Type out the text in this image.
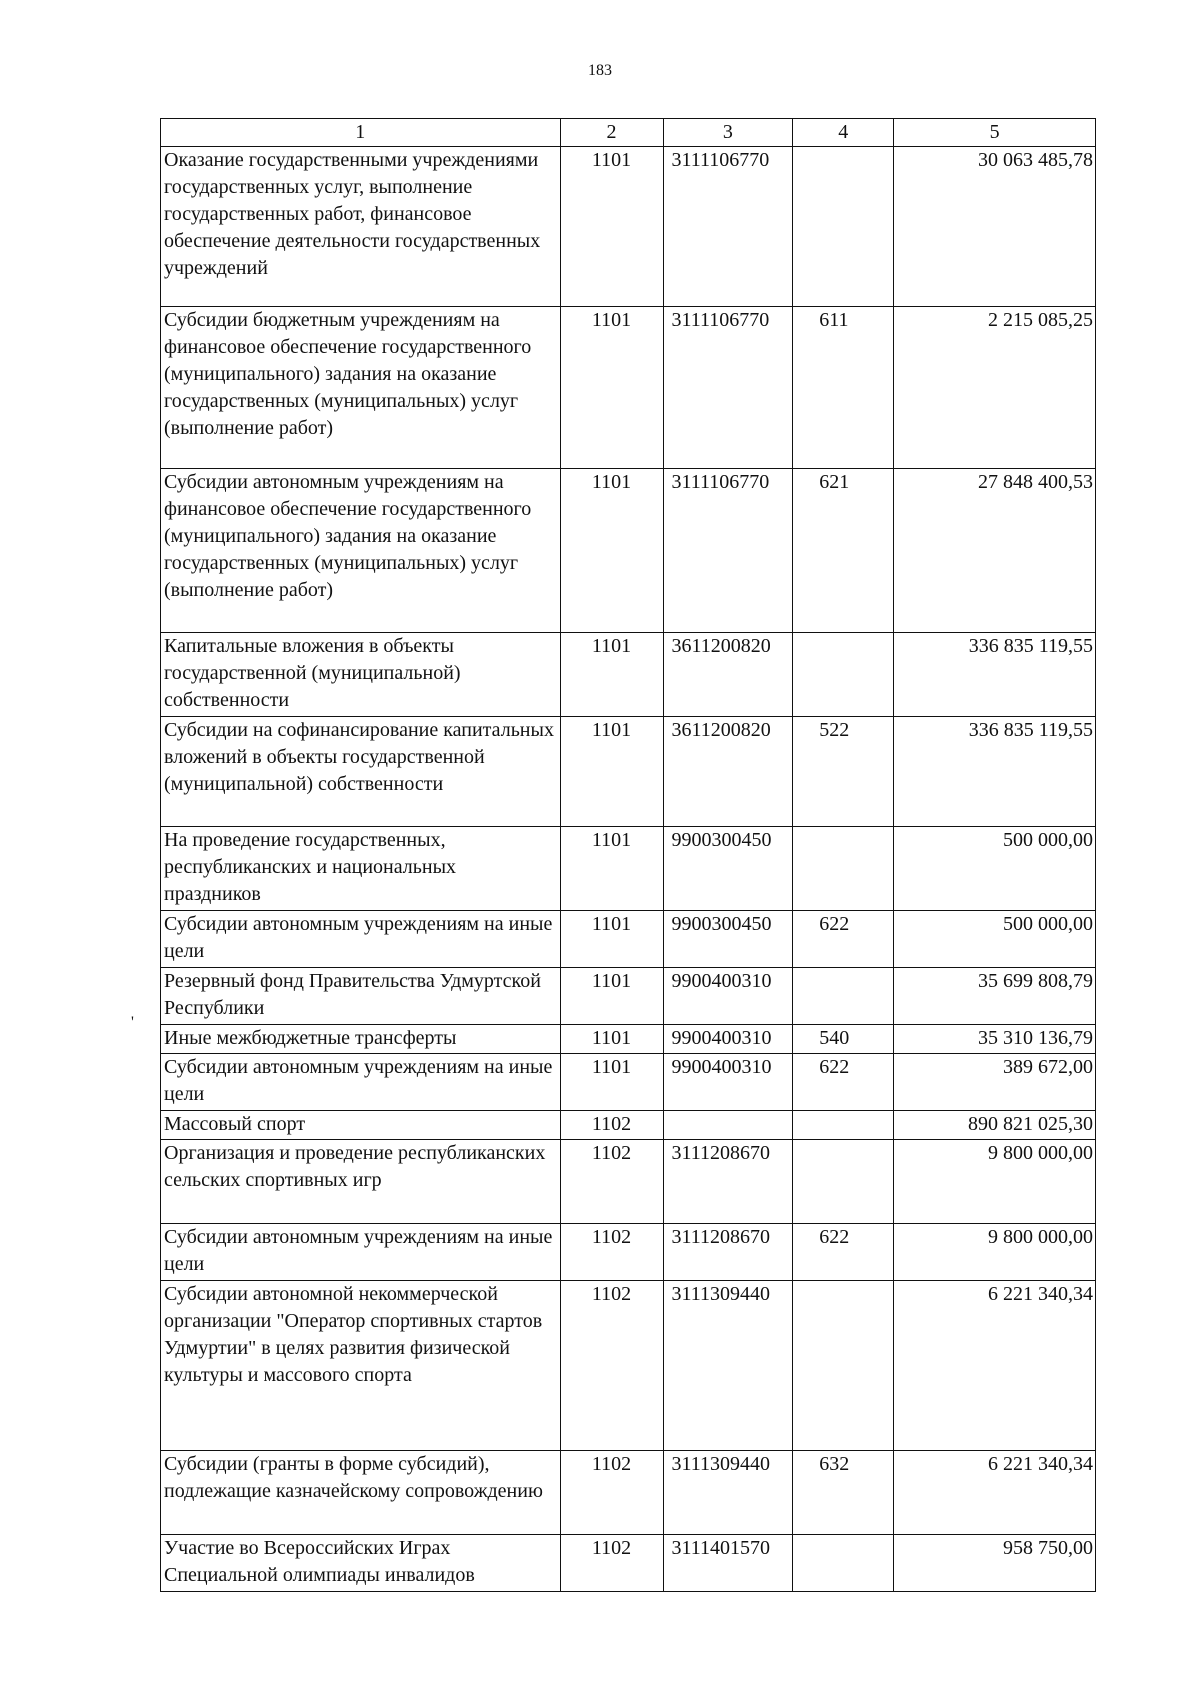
183
'
1	2	3	4	5
Оказание государственными учреждениями государственных услуг, выполнение государственных работ, финансовое обеспечение деятельности государственных учреждений	1101	3111106770		30 063 485,78
Субсидии бюджетным учреждениям на финансовое обеспечение государственного (муниципального) задания на оказание государственных (муниципальных) услуг (выполнение работ)	1101	3111106770	611	2 215 085,25
Субсидии автономным учреждениям на финансовое обеспечение государственного (муниципального) задания на оказание государственных (муниципальных) услуг (выполнение работ)	1101	3111106770	621	27 848 400,53
Капитальные вложения в объекты государственной (муниципальной) собственности	1101	3611200820		336 835 119,55
Субсидии на софинансирование капитальных вложений в объекты государственной (муниципальной) собственности	1101	3611200820	522	336 835 119,55
На проведение государственных, республиканских и национальных праздников	1101	9900300450		500 000,00
Субсидии автономным учреждениям на иные цели	1101	9900300450	622	500 000,00
Резервный фонд Правительства Удмуртской Республики	1101	9900400310		35 699 808,79
Иные межбюджетные трансферты	1101	9900400310	540	35 310 136,79
Субсидии автономным учреждениям на иные цели	1101	9900400310	622	389 672,00
Массовый спорт	1102			890 821 025,30
Организация и проведение республиканских сельских спортивных игр	1102	3111208670		9 800 000,00
Субсидии автономным учреждениям на иные цели	1102	3111208670	622	9 800 000,00
Субсидии автономной некоммерческой организации "Оператор спортивных стартов Удмуртии" в целях развития физической культуры и массового спорта	1102	3111309440		6 221 340,34
Субсидии (гранты в форме субсидий), подлежащие казначейскому сопровождению	1102	3111309440	632	6 221 340,34
Участие во Всероссийских Играх Специальной олимпиады инвалидов	1102	3111401570		958 750,00
